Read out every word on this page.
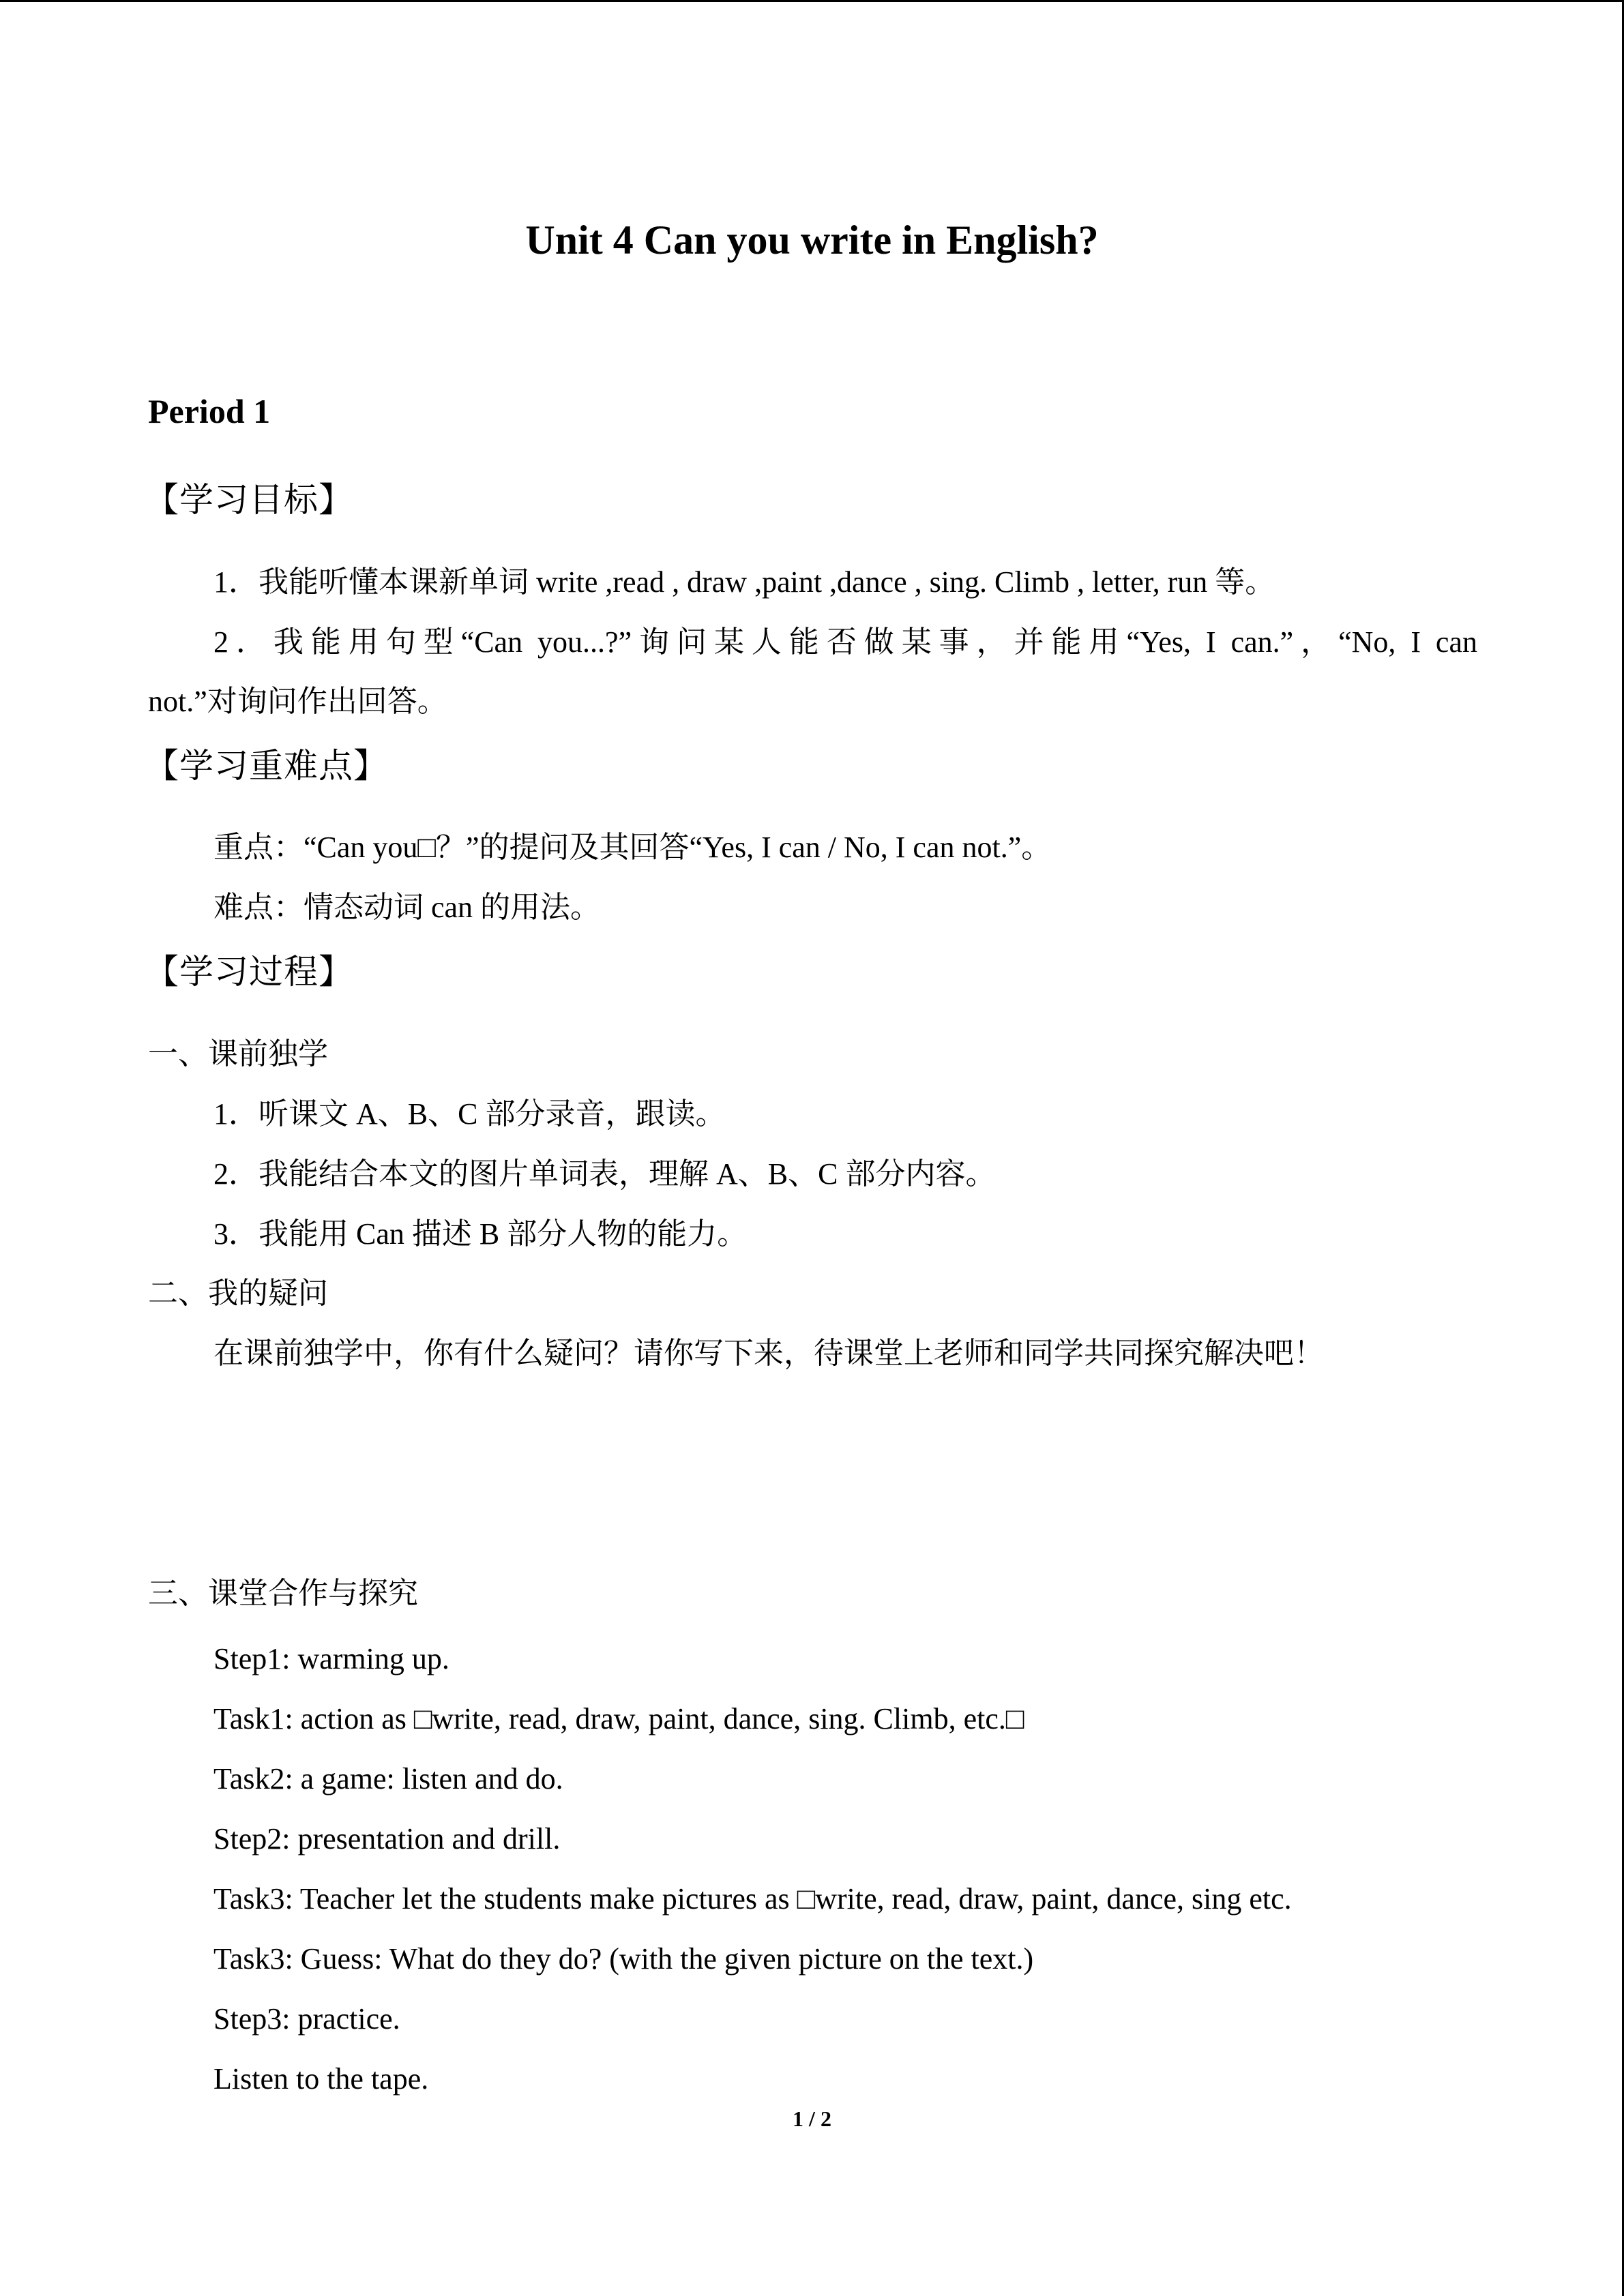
Unit 4 Can you write in English?
Period 1
【学习目标】
1．我能听懂本课新单词 write ,read , draw ,paint ,dance , sing. Climb , letter, run 等。
2．我能用句型“Can you...?”询问某人能否做某事，并能用“Yes, I can.”，“No, I can
not.”对询问作出回答。
【学习重难点】
重点：“Can you□？”的提问及其回答“Yes, I can / No, I can not.”。
难点：情态动词 can 的用法。
【学习过程】
一、课前独学
1．听课文 A、B、C 部分录音，跟读。
2．我能结合本文的图片单词表，理解 A、B、C 部分内容。
3．我能用 Can 描述 B 部分人物的能力。
二、我的疑问
在课前独学中，你有什么疑问？请你写下来，待课堂上老师和同学共同探究解决吧！
三、课堂合作与探究
Step1: warming up.
Task1: action as □write, read, draw, paint, dance, sing. Climb, etc.□
Task2: a game: listen and do.
Step2: presentation and drill.
Task3: Teacher let the students make pictures as □write, read, draw, paint, dance, sing etc.
Task3: Guess: What do they do? (with the given picture on the text.)
Step3: practice.
Listen to the tape.
1 / 2
